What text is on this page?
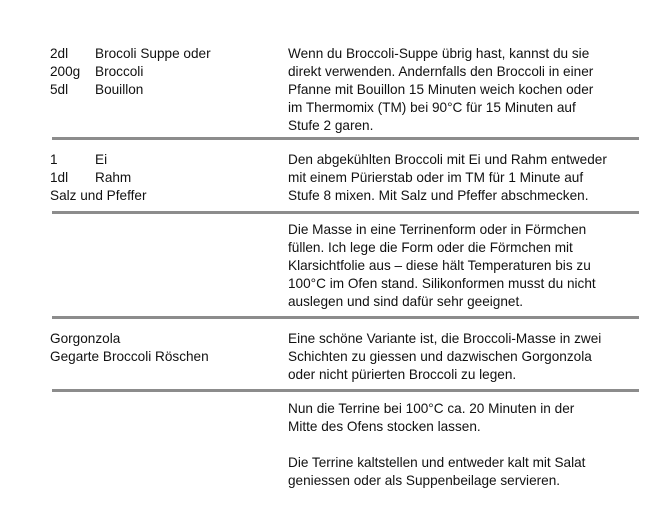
2dl Brocoli Suppe oder
200g Broccoli
5dl Bouillon
Wenn du Broccoli-Suppe übrig hast, kannst du sie
direkt verwenden. Andernfalls den Broccoli in einer
Pfanne mit Bouillon 15 Minuten weich kochen oder
im Thermomix (TM) bei 90°C für 15 Minuten auf
Stufe 2 garen.
1	Ei
1dl Rahm
Salz und Pfeffer
Den abgekühlten Broccoli mit Ei und Rahm entweder
mit einem Pürierstab oder im TM für 1 Minute auf
Stufe 8 mixen. Mit Salz und Pfeffer abschmecken.
Die Masse in eine Terrinenform oder in Förmchen
füllen. Ich lege die Form oder die Förmchen mit
Klarsichtfolie aus – diese hält Temperaturen bis zu
100°C im Ofen stand. Silikonformen musst du nicht
auslegen und sind dafür sehr geeignet.
Gorgonzola
Gegarte Broccoli Röschen
Eine schöne Variante ist, die Broccoli-Masse in zwei
Schichten zu giessen und dazwischen Gorgonzola
oder nicht pürierten Broccoli zu legen.
Nun die Terrine bei 100°C ca. 20 Minuten in der
Mitte des Ofens stocken lassen.
Die Terrine kaltstellen und entweder kalt mit Salat
geniessen oder als Suppenbeilage servieren.
